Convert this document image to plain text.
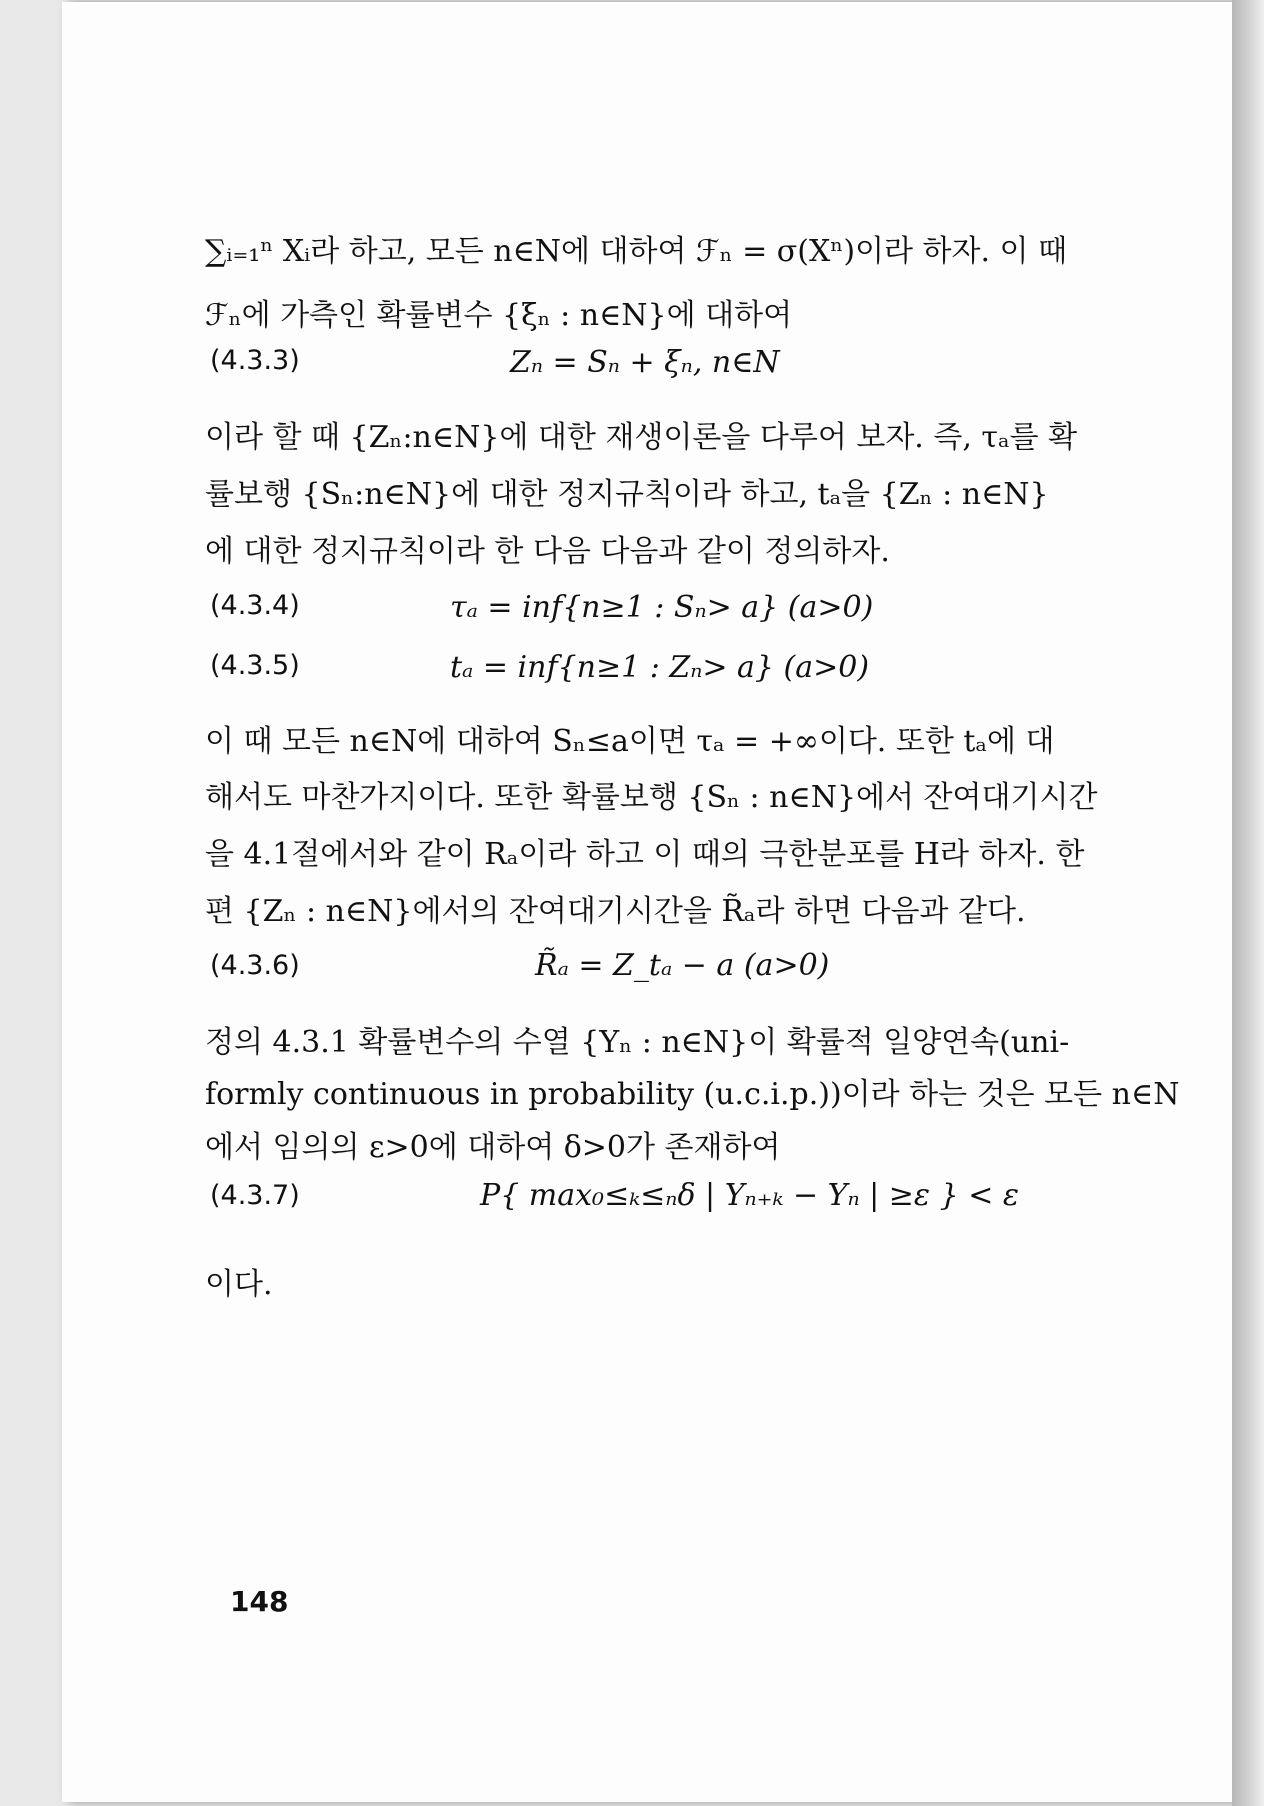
∑ᵢ₌₁ⁿ Xᵢ라 하고, 모든 n∈N에 대하여 ℱₙ = σ(Xⁿ)이라 하자. 이 때
ℱₙ에 가측인 확률변수 {ξₙ : n∈N}에 대하여
(4.3.3)	Zₙ = Sₙ + ξₙ, n∈N
이라 할 때 {Zₙ:n∈N}에 대한 재생이론을 다루어 보자. 즉, τₐ를 확
률보행 {Sₙ:n∈N}에 대한 정지규칙이라 하고, tₐ을 {Zₙ : n∈N}
에 대한 정지규칙이라 한 다음 다음과 같이 정의하자.
(4.3.4)	τₐ = inf{n≥1 : Sₙ> a} (a>0)
(4.3.5)	tₐ = inf{n≥1 : Zₙ> a} (a>0)
이 때 모든 n∈N에 대하여 Sₙ≤a이면 τₐ = +∞이다. 또한 tₐ에 대
해서도 마찬가지이다. 또한 확률보행 {Sₙ : n∈N}에서 잔여대기시간
을 4.1절에서와 같이 Rₐ이라 하고 이 때의 극한분포를 H라 하자. 한
편 {Zₙ : n∈N}에서의 잔여대기시간을 R̃ₐ라 하면 다음과 같다.
(4.3.6)	R̃ₐ = Z_tₐ − a (a>0)
정의 4.3.1 확률변수의 수열 {Yₙ : n∈N}이 확률적 일양연속(uni-
formly continuous in probability (u.c.i.p.))이라 하는 것은 모든 n∈N
에서 임의의 ε>0에 대하여 δ>0가 존재하여
(4.3.7)	P{ max₀≤ₖ≤ₙδ | Yₙ₊ₖ − Yₙ | ≥ε } < ε
이다.
148
